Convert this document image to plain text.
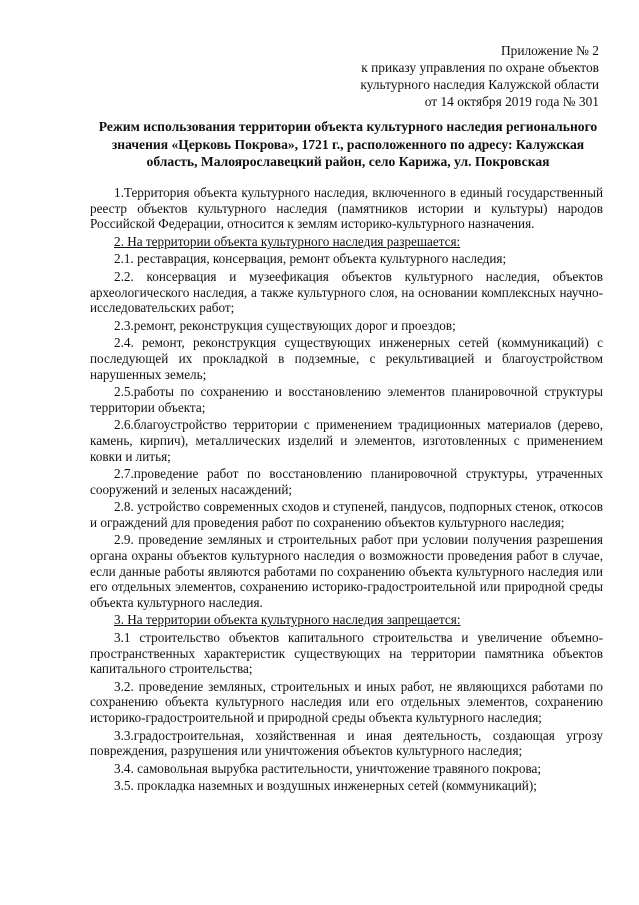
Приложение № 2
к приказу управления по охране объектов
культурного наследия Калужской области
от 14 октября 2019 года № 301
Режим использования территории объекта культурного наследия регионального значения «Церковь Покрова», 1721 г., расположенного по адресу: Калужская область, Малоярославецкий район, село Карижа, ул. Покровская

1.Территория объекта культурного наследия, включенного в единый государственный реестр объектов культурного наследия (памятников истории и культуры) народов Российской Федерации, относится к землям историко-культурного назначения.

2. На территории объекта культурного наследия разрешается:

2.1. реставрация, консервация, ремонт объекта культурного наследия;

2.2. консервация и музеефикация объектов культурного наследия, объектов археологического наследия, а также культурного слоя, на основании комплексных научно-исследовательских работ;

2.3.ремонт, реконструкция существующих дорог и проездов;

2.4. ремонт, реконструкция существующих инженерных сетей (коммуникаций) с последующей их прокладкой в подземные, с рекультивацией и благоустройством нарушенных земель;

2.5.работы по сохранению и восстановлению элементов планировочной структуры территории объекта;

2.6.благоустройство территории с применением традиционных материалов (дерево, камень, кирпич), металлических изделий и элементов, изготовленных с применением ковки и литья;

2.7.проведение работ по восстановлению планировочной структуры, утраченных сооружений и зеленых насаждений;

2.8. устройство современных сходов и ступеней, пандусов, подпорных стенок, откосов и ограждений для проведения работ по сохранению объектов культурного наследия;

2.9. проведение земляных и строительных работ при условии получения разрешения органа охраны объектов культурного наследия о возможности проведения работ в случае, если данные работы являются работами по сохранению объекта культурного наследия или его отдельных элементов, сохранению историко-градостроительной или природной среды объекта культурного наследия.

3. На территории объекта культурного наследия запрещается:

3.1 строительство объектов капитального строительства и увеличение объемно-пространственных характеристик существующих на территории памятника объектов капитального строительства;

3.2. проведение земляных, строительных и иных работ, не являющихся работами по сохранению объекта культурного наследия или его отдельных элементов, сохранению историко-градостроительной и природной среды объекта культурного наследия;

3.3.градостроительная, хозяйственная и иная деятельность, создающая угрозу повреждения, разрушения или уничтожения объектов культурного наследия;

3.4. самовольная вырубка растительности, уничтожение травяного покрова;

3.5. прокладка наземных и воздушных инженерных сетей (коммуникаций);
